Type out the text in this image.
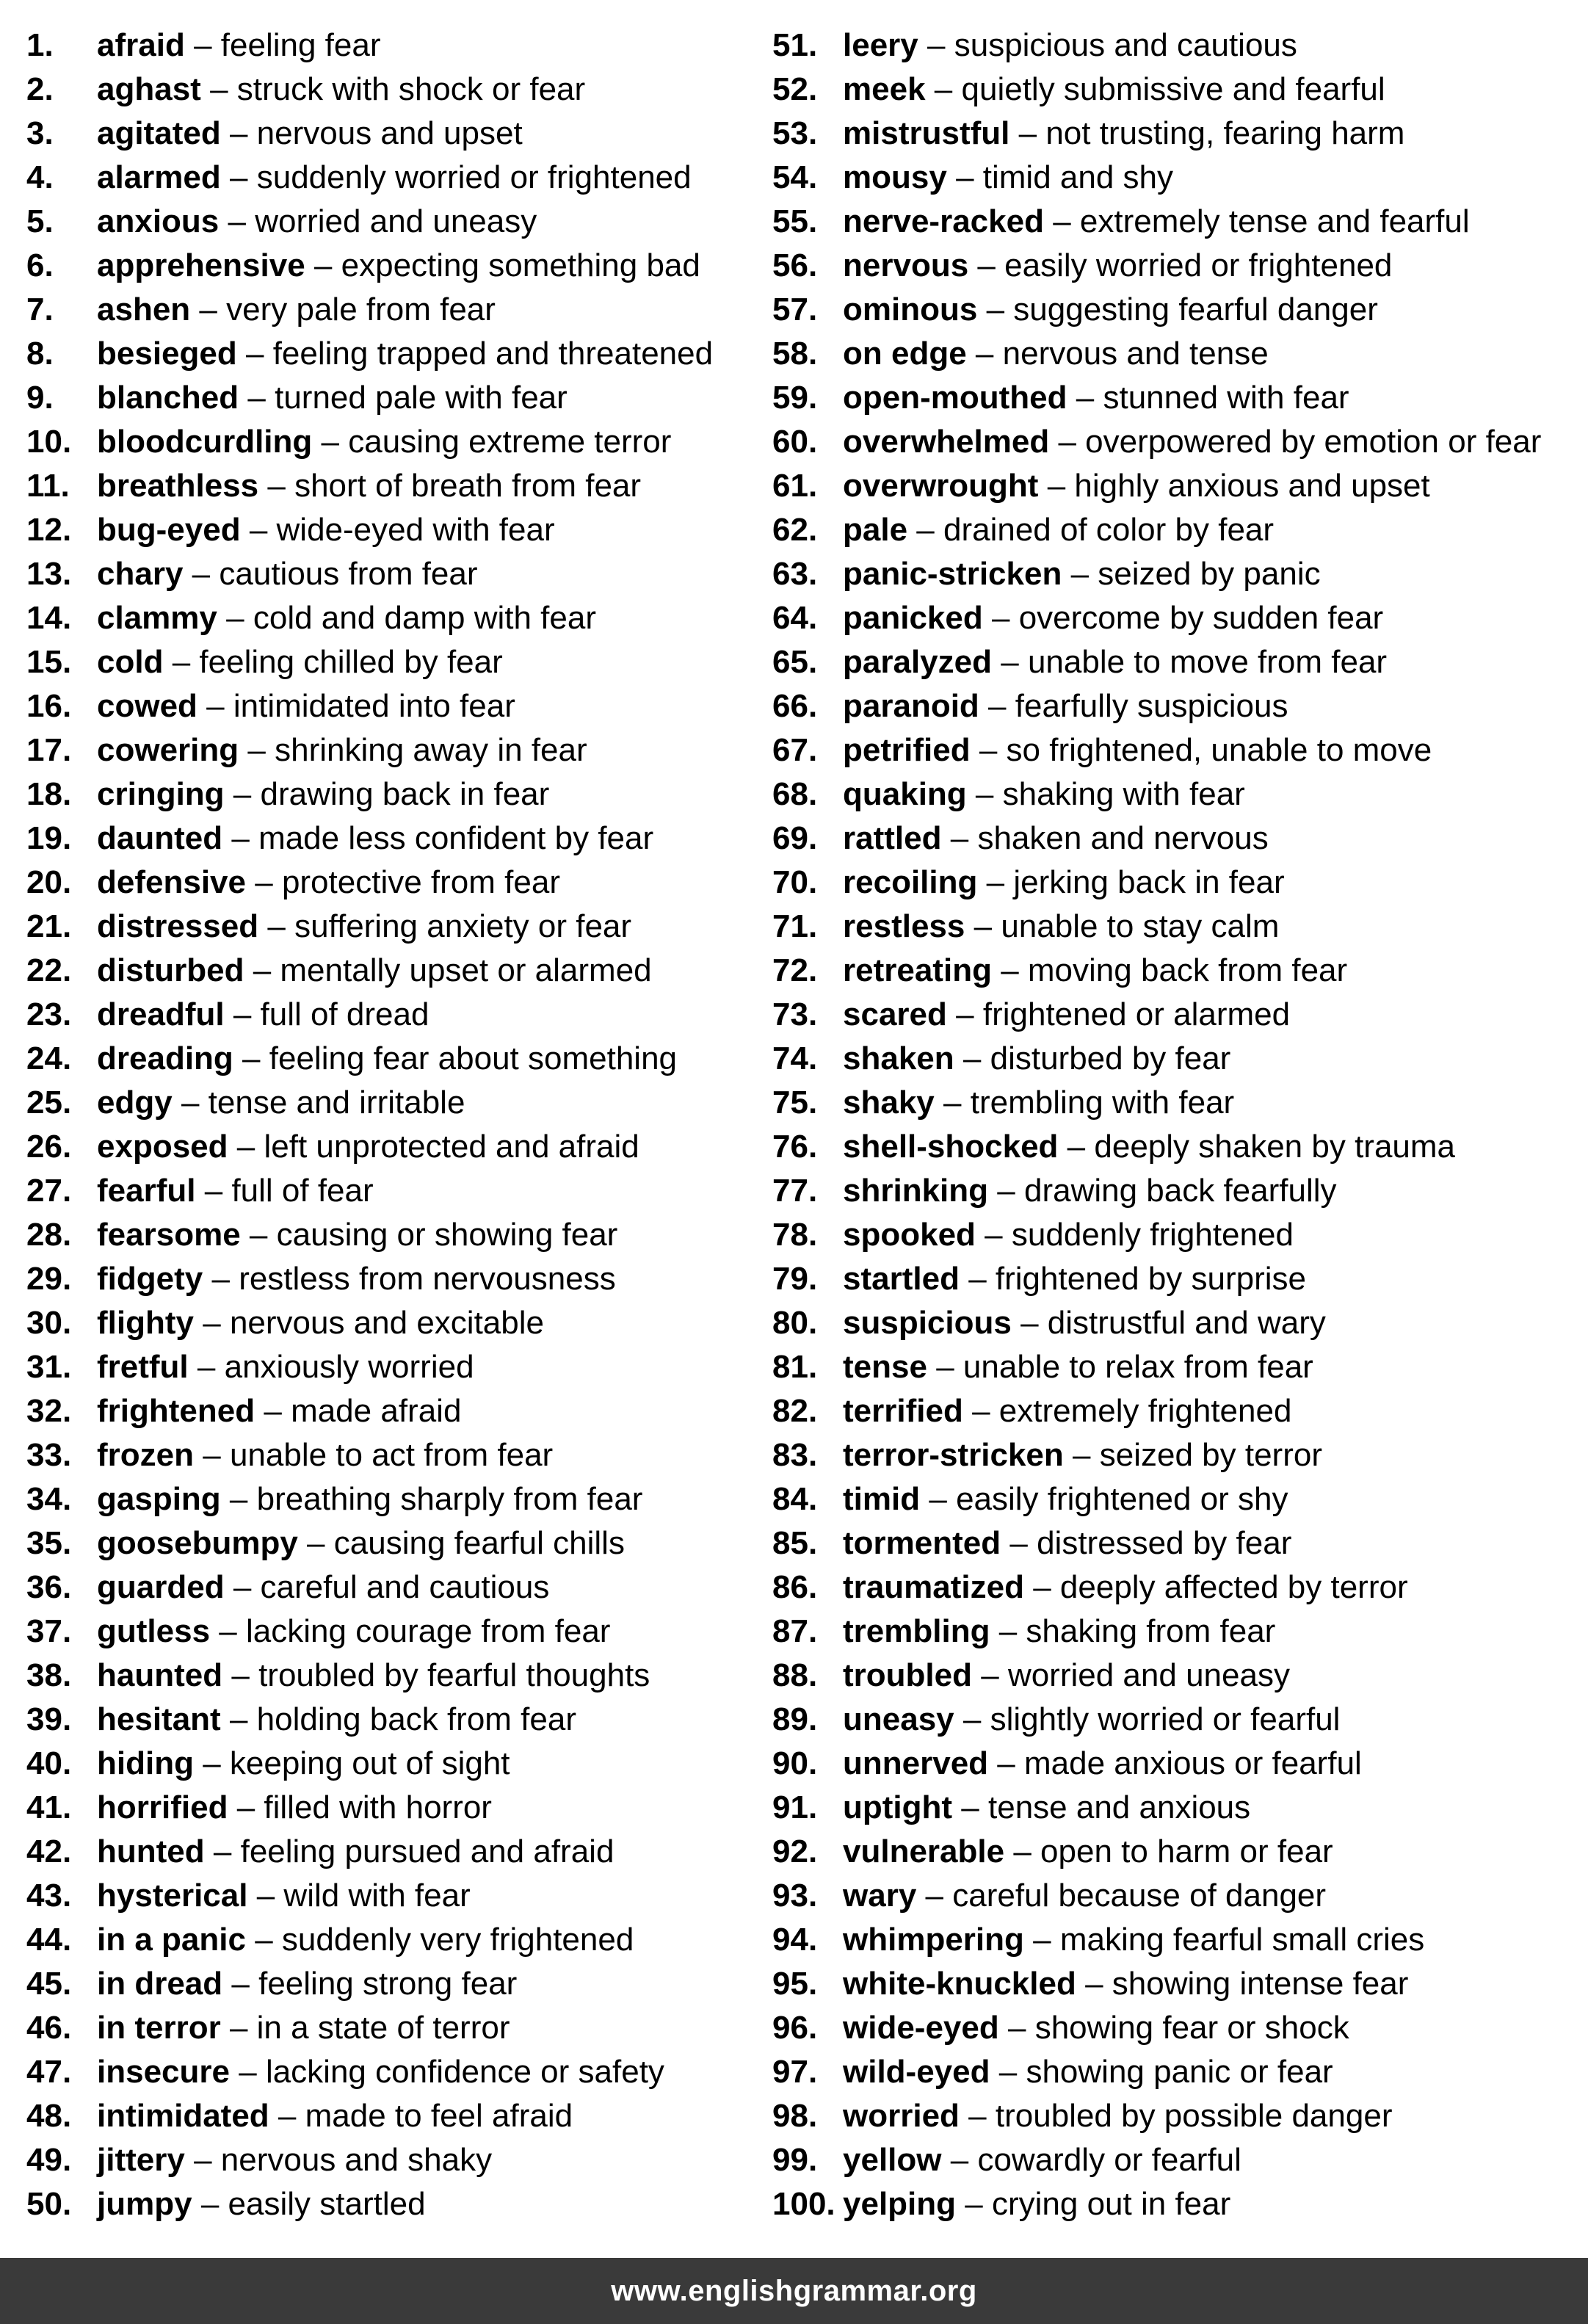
1. afraid – feeling fear
2. aghast – struck with shock or fear
3. agitated – nervous and upset
4. alarmed – suddenly worried or frightened
5. anxious – worried and uneasy
6. apprehensive – expecting something bad
7. ashen – very pale from fear
8. besieged – feeling trapped and threatened
9. blanched – turned pale with fear
10. bloodcurdling – causing extreme terror
11. breathless – short of breath from fear
12. bug-eyed – wide-eyed with fear
13. chary – cautious from fear
14. clammy – cold and damp with fear
15. cold – feeling chilled by fear
16. cowed – intimidated into fear
17. cowering – shrinking away in fear
18. cringing – drawing back in fear
19. daunted – made less confident by fear
20. defensive – protective from fear
21. distressed – suffering anxiety or fear
22. disturbed – mentally upset or alarmed
23. dreadful – full of dread
24. dreading – feeling fear about something
25. edgy – tense and irritable
26. exposed – left unprotected and afraid
27. fearful – full of fear
28. fearsome – causing or showing fear
29. fidgety – restless from nervousness
30. flighty – nervous and excitable
31. fretful – anxiously worried
32. frightened – made afraid
33. frozen – unable to act from fear
34. gasping – breathing sharply from fear
35. goosebumpy – causing fearful chills
36. guarded – careful and cautious
37. gutless – lacking courage from fear
38. haunted – troubled by fearful thoughts
39. hesitant – holding back from fear
40. hiding – keeping out of sight
41. horrified – filled with horror
42. hunted – feeling pursued and afraid
43. hysterical – wild with fear
44. in a panic – suddenly very frightened
45. in dread – feeling strong fear
46. in terror – in a state of terror
47. insecure – lacking confidence or safety
48. intimidated – made to feel afraid
49. jittery – nervous and shaky
50. jumpy – easily startled
51. leery – suspicious and cautious
52. meek – quietly submissive and fearful
53. mistrustful – not trusting, fearing harm
54. mousy – timid and shy
55. nerve-racked – extremely tense and fearful
56. nervous – easily worried or frightened
57. ominous – suggesting fearful danger
58. on edge – nervous and tense
59. open-mouthed – stunned with fear
60. overwhelmed – overpowered by emotion or fear
61. overwrought – highly anxious and upset
62. pale – drained of color by fear
63. panic-stricken – seized by panic
64. panicked – overcome by sudden fear
65. paralyzed – unable to move from fear
66. paranoid – fearfully suspicious
67. petrified – so frightened, unable to move
68. quaking – shaking with fear
69. rattled – shaken and nervous
70. recoiling – jerking back in fear
71. restless – unable to stay calm
72. retreating – moving back from fear
73. scared – frightened or alarmed
74. shaken – disturbed by fear
75. shaky – trembling with fear
76. shell-shocked – deeply shaken by trauma
77. shrinking – drawing back fearfully
78. spooked – suddenly frightened
79. startled – frightened by surprise
80. suspicious – distrustful and wary
81. tense – unable to relax from fear
82. terrified – extremely frightened
83. terror-stricken – seized by terror
84. timid – easily frightened or shy
85. tormented – distressed by fear
86. traumatized – deeply affected by terror
87. trembling – shaking from fear
88. troubled – worried and uneasy
89. uneasy – slightly worried or fearful
90. unnerved – made anxious or fearful
91. uptight – tense and anxious
92. vulnerable – open to harm or fear
93. wary – careful because of danger
94. whimpering – making fearful small cries
95. white-knuckled – showing intense fear
96. wide-eyed – showing fear or shock
97. wild-eyed – showing panic or fear
98. worried – troubled by possible danger
99. yellow – cowardly or fearful
100. yelping – crying out in fear
www.englishgrammar.org
